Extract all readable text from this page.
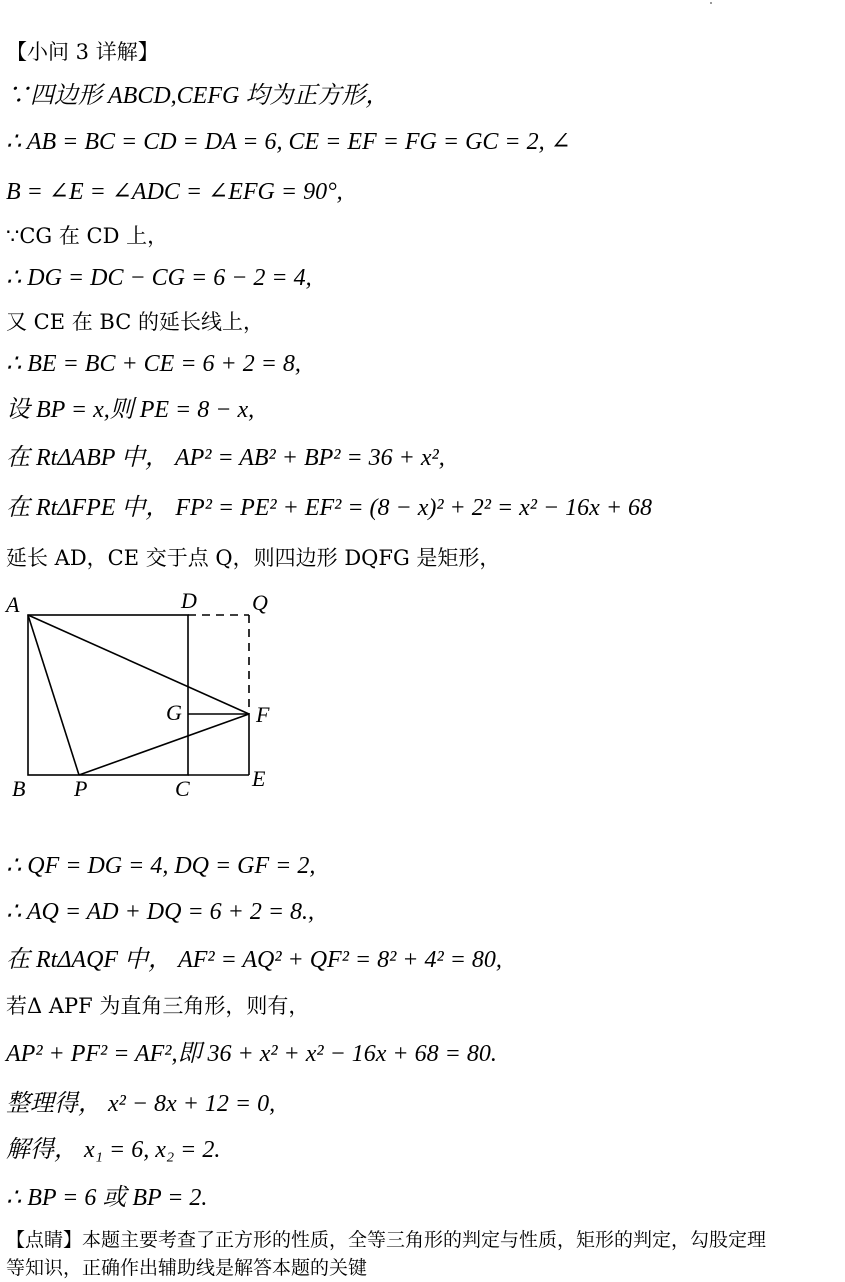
【小问 3 详解】
∵四边形 ABCD,CEFG 均为正方形，
∴ AB = BC = CD = DA = 6, CE = EF = FG = GC = 2, ∠
B = ∠E = ∠ADC = ∠EFG = 90°,
∵CG 在 CD 上，
∴ DG = DC − CG = 6 − 2 = 4,
又 CE 在 BC 的延长线上，
∴ BE = BC + CE = 6 + 2 = 8,
设 BP = x,则 PE = 8 − x,
在 RtΔABP 中， AP² = AB² + BP² = 36 + x²,
在 RtΔFPE 中， FP² = PE² + EF² = (8 − x)² + 2² = x² − 16x + 68
延长 AD，CE 交于点 Q，则四边形 DQFG 是矩形，
A
B	C
D
E
F
G
P
Q
∴ QF = DG = 4, DQ = GF = 2,
∴ AQ = AD + DQ = 6 + 2 = 8.,
在 RtΔAQF 中， AF² = AQ² + QF² = 8² + 4² = 80,
若Δ APF 为直角三角形，则有，
AP² + PF² = AF²,即 36 + x² + x² − 16x + 68 = 80.
整理得， x² − 8x + 12 = 0,
解得， x₁ = 6, x₂ = 2.
∴ BP = 6 或 BP = 2.
【点睛】本题主要考查了正方形的性质，全等三角形的判定与性质，矩形的判定，勾股定理
等知识，正确作出辅助线是解答本题的关键
